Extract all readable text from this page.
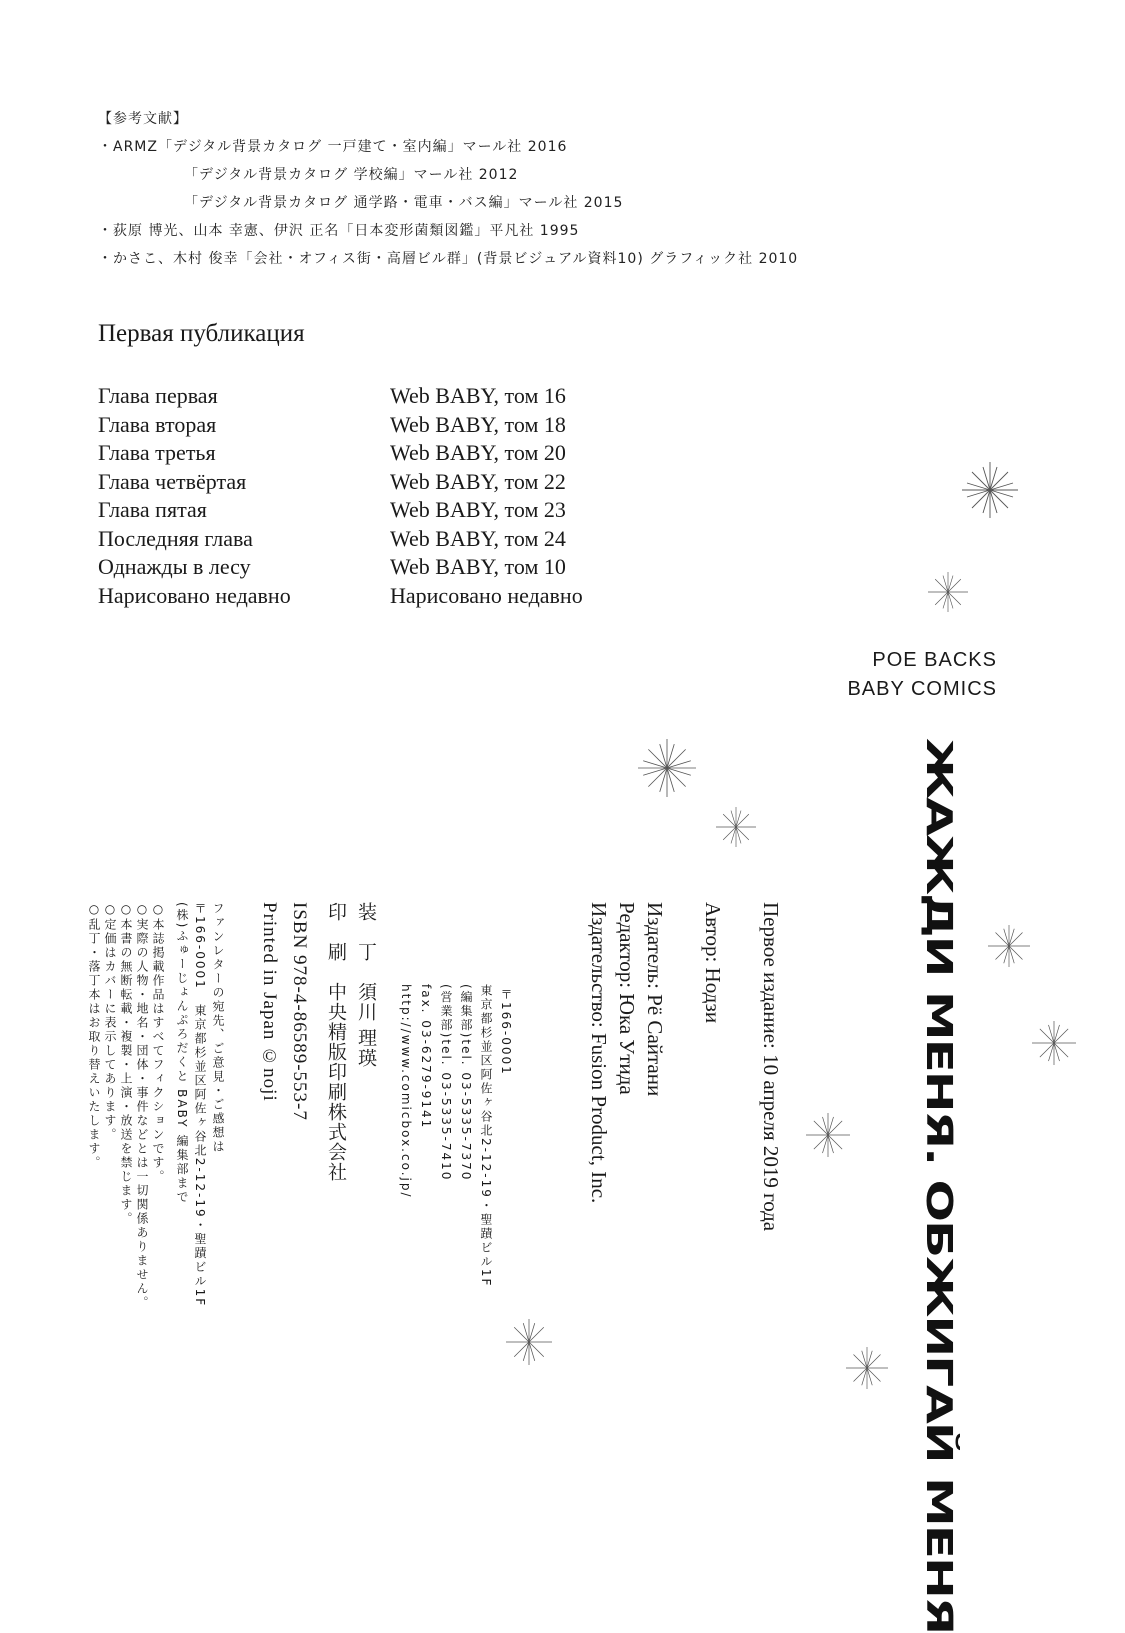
【参考文献】
・ARMZ「デジタル背景カタログ 一戸建て・室内編」マール社 2016
「デジタル背景カタログ 学校編」マール社 2012
「デジタル背景カタログ 通学路・電車・バス編」マール社 2015
・荻原 博光、山本 幸憲、伊沢 正名「日本変形菌類図鑑」平凡社 1995
・かさこ、木村 俊幸「会社・オフィス街・高層ビル群」(背景ビジュアル資料10) グラフィック社 2010
Первая публикация
Глава первая	Web BABY, том 16
Глава вторая	Web BABY, том 18
Глава третья	Web BABY, том 20
Глава четвёртая	Web BABY, том 22
Глава пятая	Web BABY, том 23
Последняя глава	Web BABY, том 24
Однажды в лесу	Web BABY, том 10
Нарисовано недавно	Нарисовано недавно
POE BACKS
BABY COMICS
ЖАЖДИ МЕНЯ. ОБЖИГАЙ МЕНЯ
Первое издание: 10 апреля 2019 года
Автор: Нодзи
Издатель: Рё Сайтани
Редактор: Юка Утида
Издательство: Fusion Product, Inc.
〒166-0001
東京都杉並区阿佐ヶ谷北2-12-19・聖蹟ビル1F
(編集部)tel. 03-5335-7370
(営業部)tel. 03-5335-7410
fax. 03-6279-9141
http://www.comicbox.co.jp/
装　丁　須川 理瑛
印　刷　中央精版印刷株式会社
ISBN 978-4-86589-553-7
Printed in Japan ©noji
ファンレターの宛先、ご意見・ご感想は
〒166-0001　東京都杉並区阿佐ヶ谷北2-12-19・聖蹟ビル1F
(株)ふゅーじょんぷろだくと BABY 編集部まで
○本誌掲載作品はすべてフィクションです。
○実際の人物・地名・団体・事件などとは一切関係ありません。
○本書の無断転載・複製・上演・放送を禁じます。
○定価はカバーに表示してあります。
○乱丁・落丁本はお取り替えいたします。
